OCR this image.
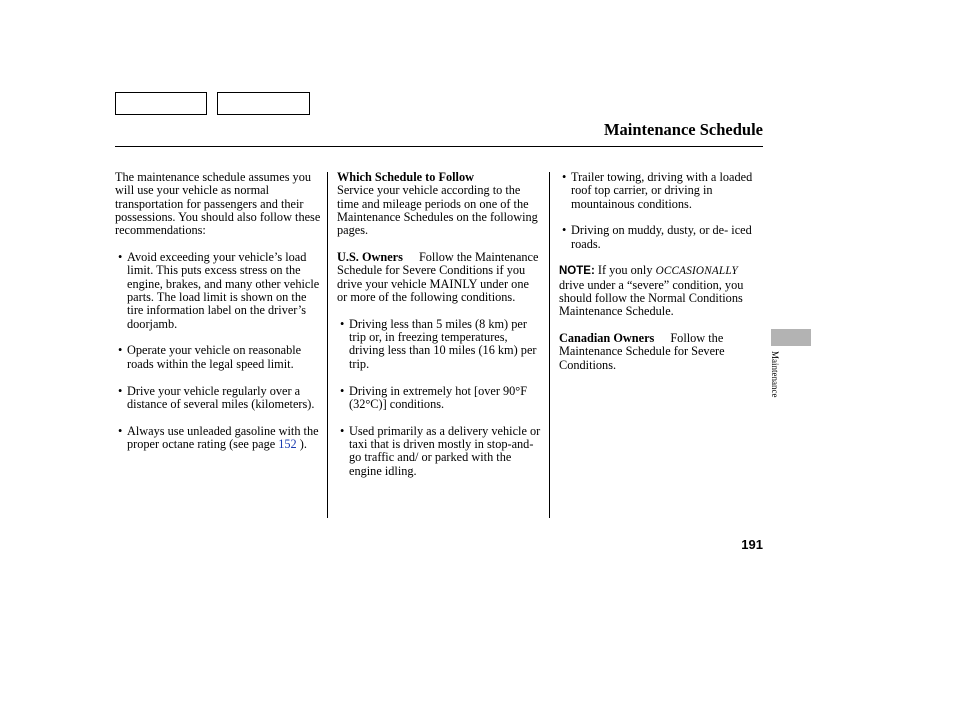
Maintenance Schedule

The maintenance schedule assumes you will use your vehicle as normal transportation for passengers and their possessions. You should also follow these recommendations:

• Avoid exceeding your vehicle’s load limit. This puts excess stress on the engine, brakes, and many other vehicle parts. The load limit is shown on the tire information label on the driver’s doorjamb.
• Operate your vehicle on reasonable roads within the legal speed limit.
• Drive your vehicle regularly over a distance of several miles (kilometers).
• Always use unleaded gasoline with the proper octane rating (see page 152 ).

Which Schedule to Follow
Service your vehicle according to the time and mileage periods on one of the Maintenance Schedules on the following pages.

U.S. Owners Follow the Maintenance Schedule for Severe Conditions if you drive your vehicle MAINLY under one or more of the following conditions.

• Driving less than 5 miles (8 km) per trip or, in freezing temperatures, driving less than 10 miles (16 km) per trip.
• Driving in extremely hot [over 90°F (32°C)] conditions.
• Used primarily as a delivery vehicle or taxi that is driven mostly in stop-and-go traffic and/ or parked with the engine idling.
• Trailer towing, driving with a loaded roof top carrier, or driving in mountainous conditions.
• Driving on muddy, dusty, or de- iced roads.

NOTE: If you only OCCASIONALLY drive under a “severe” condition, you should follow the Normal Conditions Maintenance Schedule.

Canadian Owners Follow the Maintenance Schedule for Severe Conditions.	Maintenance
191
